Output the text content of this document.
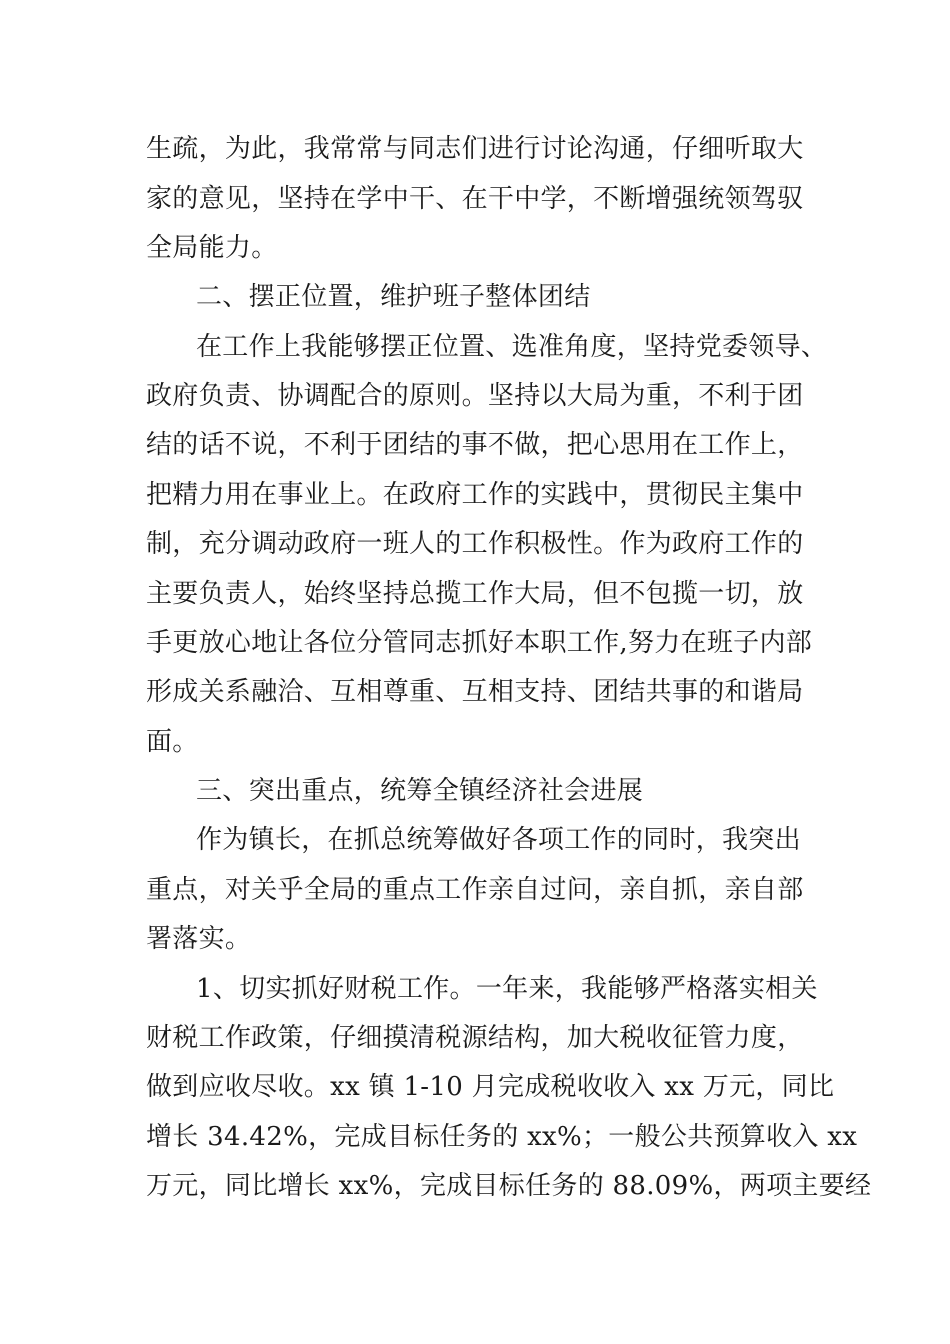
生疏，为此，我常常与同志们进行讨论沟通，仔细听取大
家的意见，坚持在学中干、在干中学，不断增强统领驾驭
全局能力。
二、摆正位置，维护班子整体团结
在工作上我能够摆正位置、选准角度，坚持党委领导、
政府负责、协调配合的原则。坚持以大局为重，不利于团
结的话不说，不利于团结的事不做，把心思用在工作上，
把精力用在事业上。在政府工作的实践中，贯彻民主集中
制，充分调动政府一班人的工作积极性。作为政府工作的
主要负责人，始终坚持总揽工作大局，但不包揽一切，放
手更放心地让各位分管同志抓好本职工作,努力在班子内部
形成关系融洽、互相尊重、互相支持、团结共事的和谐局
面。
三、突出重点，统筹全镇经济社会进展
作为镇长，在抓总统筹做好各项工作的同时，我突出
重点，对关乎全局的重点工作亲自过问，亲自抓，亲自部
署落实。
1、切实抓好财税工作。一年来，我能够严格落实相关
财税工作政策，仔细摸清税源结构，加大税收征管力度，
做到应收尽收。xx 镇 1-10 月完成税收收入 xx 万元，同比
增长 34.42%，完成目标任务的 xx%；一般公共预算收入 xx
万元，同比增长 xx%，完成目标任务的 88.09%，两项主要经
